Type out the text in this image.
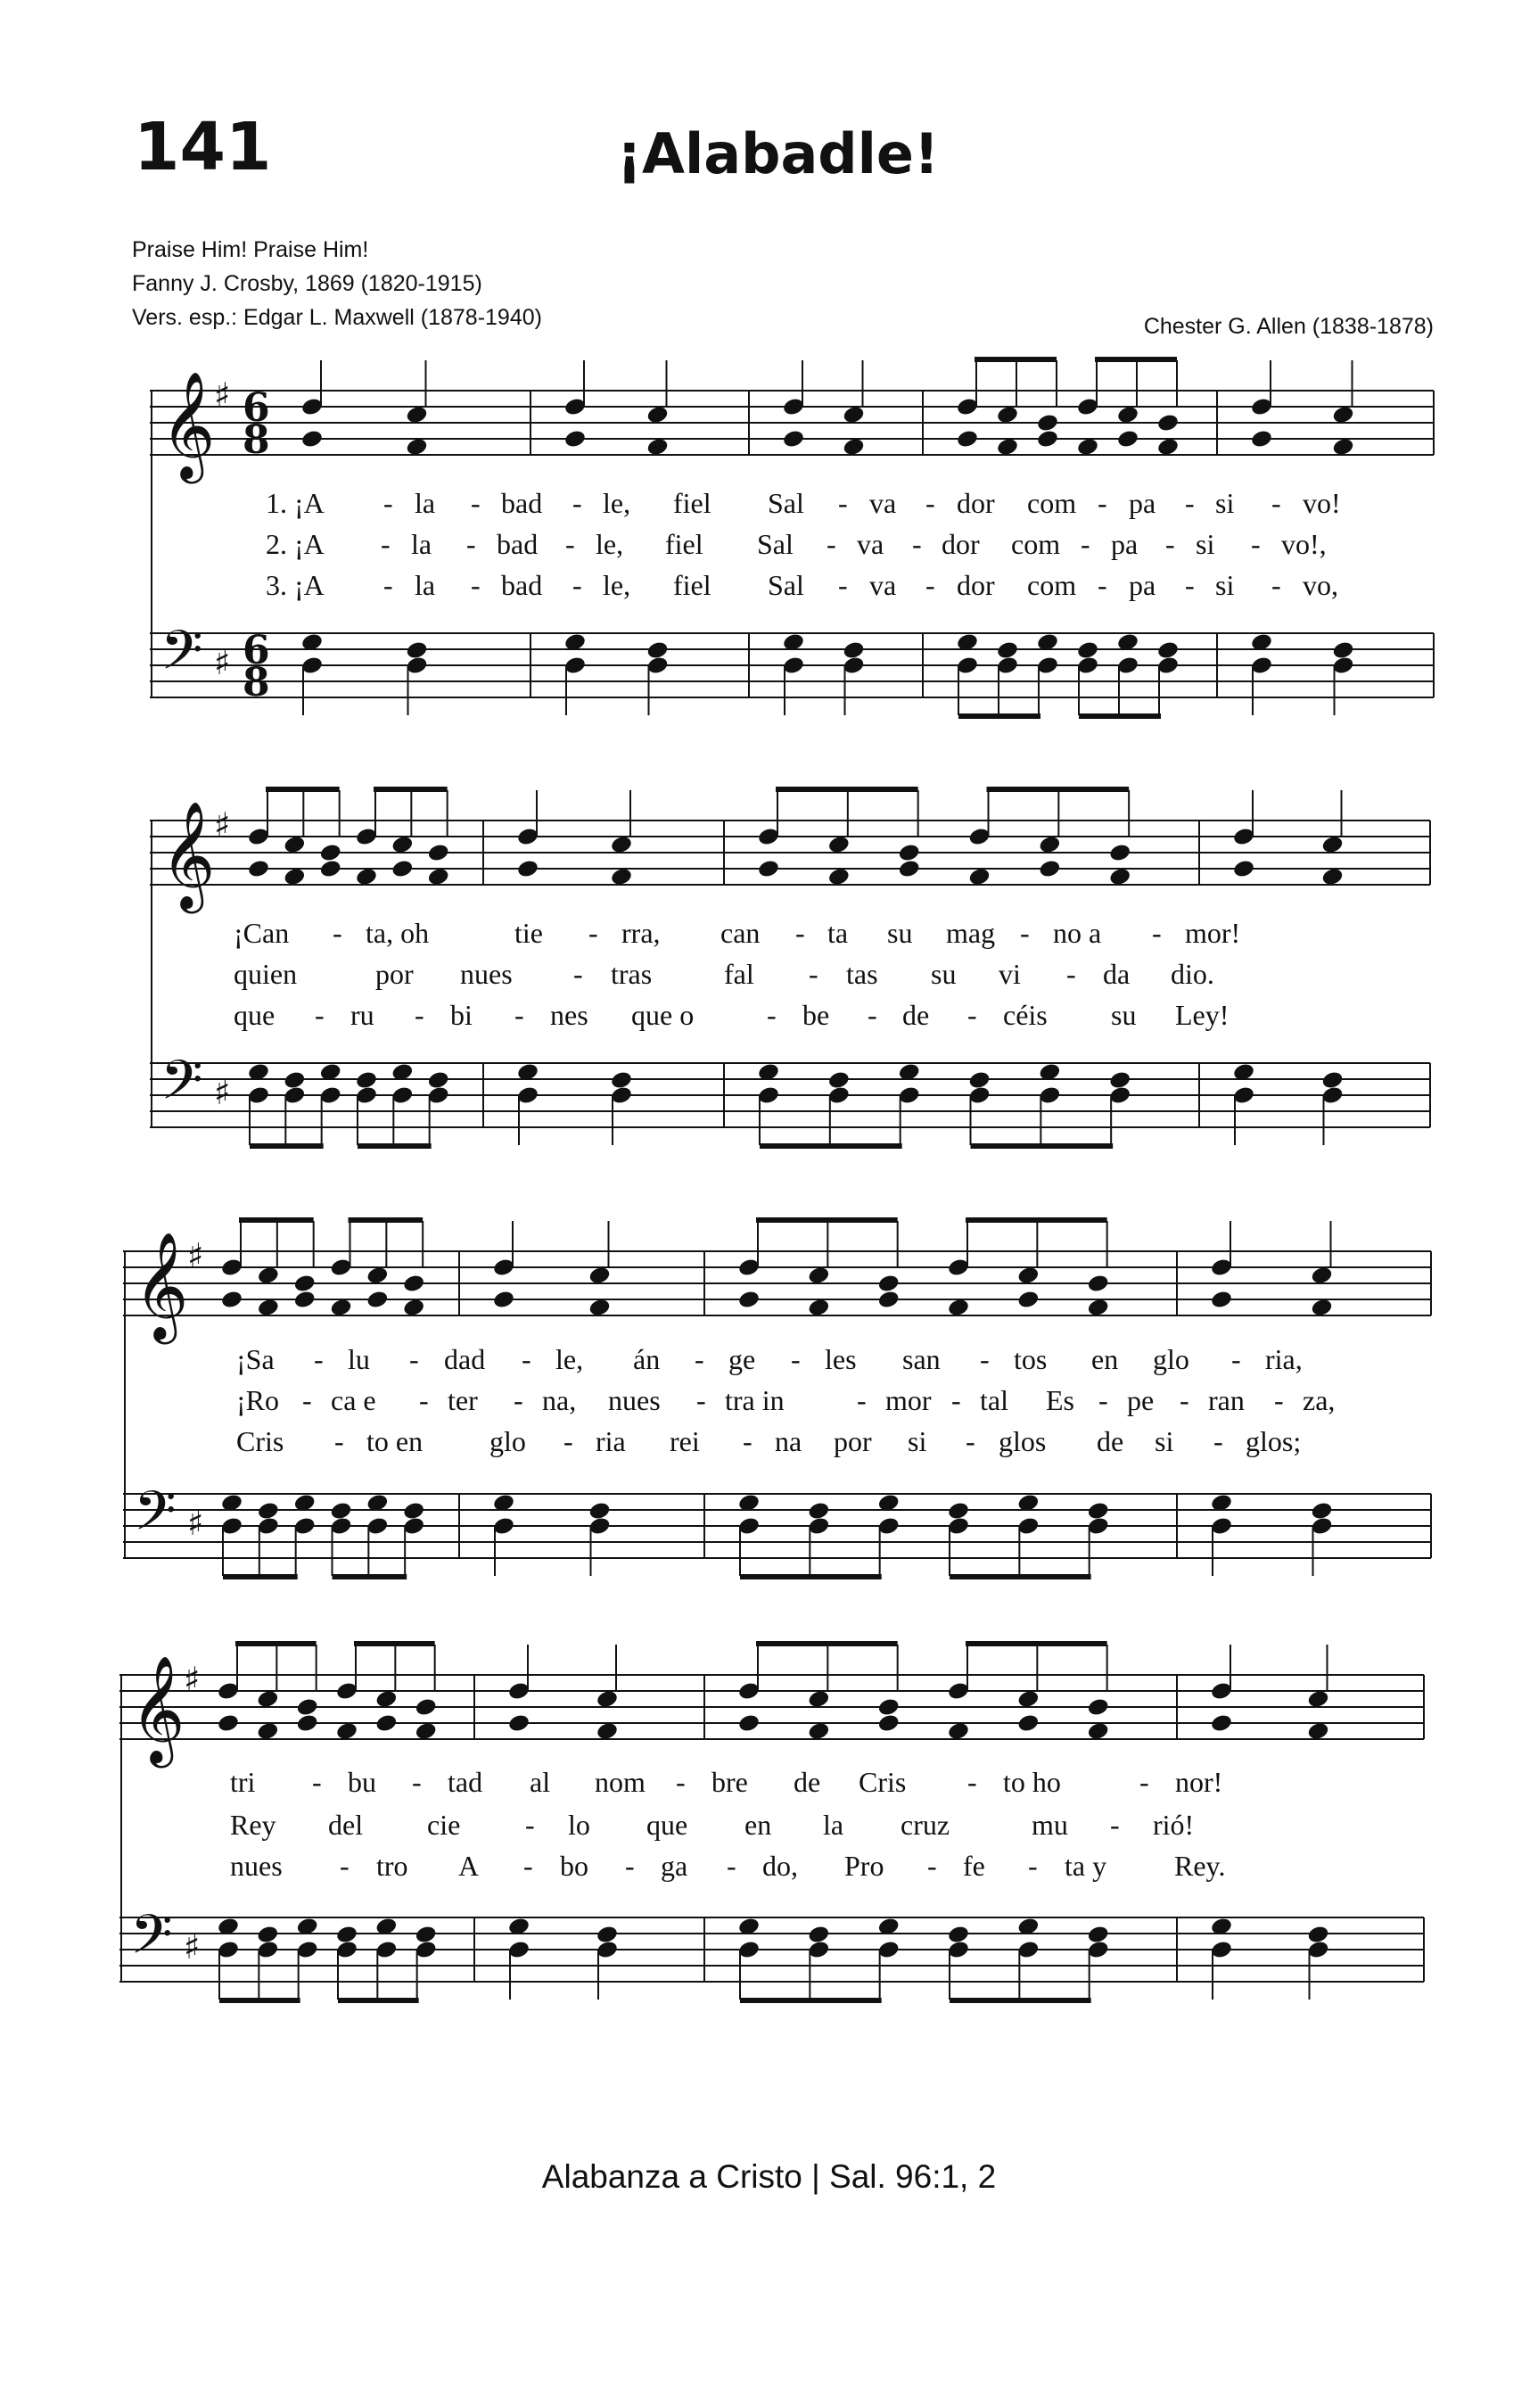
141	¡Alabadle!
Praise Him! Praise Him!
Fanny J. Crosby, 1869 (1820-1915)
Vers. esp.: Edgar L. Maxwell (1878-1940)	Chester G. Allen (1838-1878)
𝄞
♯ 6
8
𝄢 ♯ 6
8
𝄞
♯
𝄢 ♯
𝄞
♯
𝄢 ♯
𝄞
♯
𝄢 ♯
1. ¡A - la - bad - le, fiel Sal - va - dor com - pa - si - vo!
2. ¡A - la - bad - le, fiel Sal - va - dor com - pa - si - vo!,
3. ¡A - la - bad - le, fiel Sal - va - dor com - pa - si - vo,
¡Can - ta, oh	tie - rra, can - ta su mag - no a - mor!
quien	por nues - tras	fal - tas su vi - da dio.
que - ru - bi - nes que o	- be - de - céis su Ley!
¡Sa - lu - dad - le, án - ge - les san - tos en glo - ria,
¡Ro - ca e - ter - na, nues - tra in	- mor - tal Es - pe - ran - za,
Cris - to en glo - ria rei - na por si - glos de si - glos;
tri - bu - tad al nom - bre de Cris - to ho	- nor!
Rey del cie - lo que en la cruz	mu - rió!
nues - tro A - bo - ga - do, Pro - fe - ta y Rey.
Alabanza a Cristo | Sal. 96:1, 2
